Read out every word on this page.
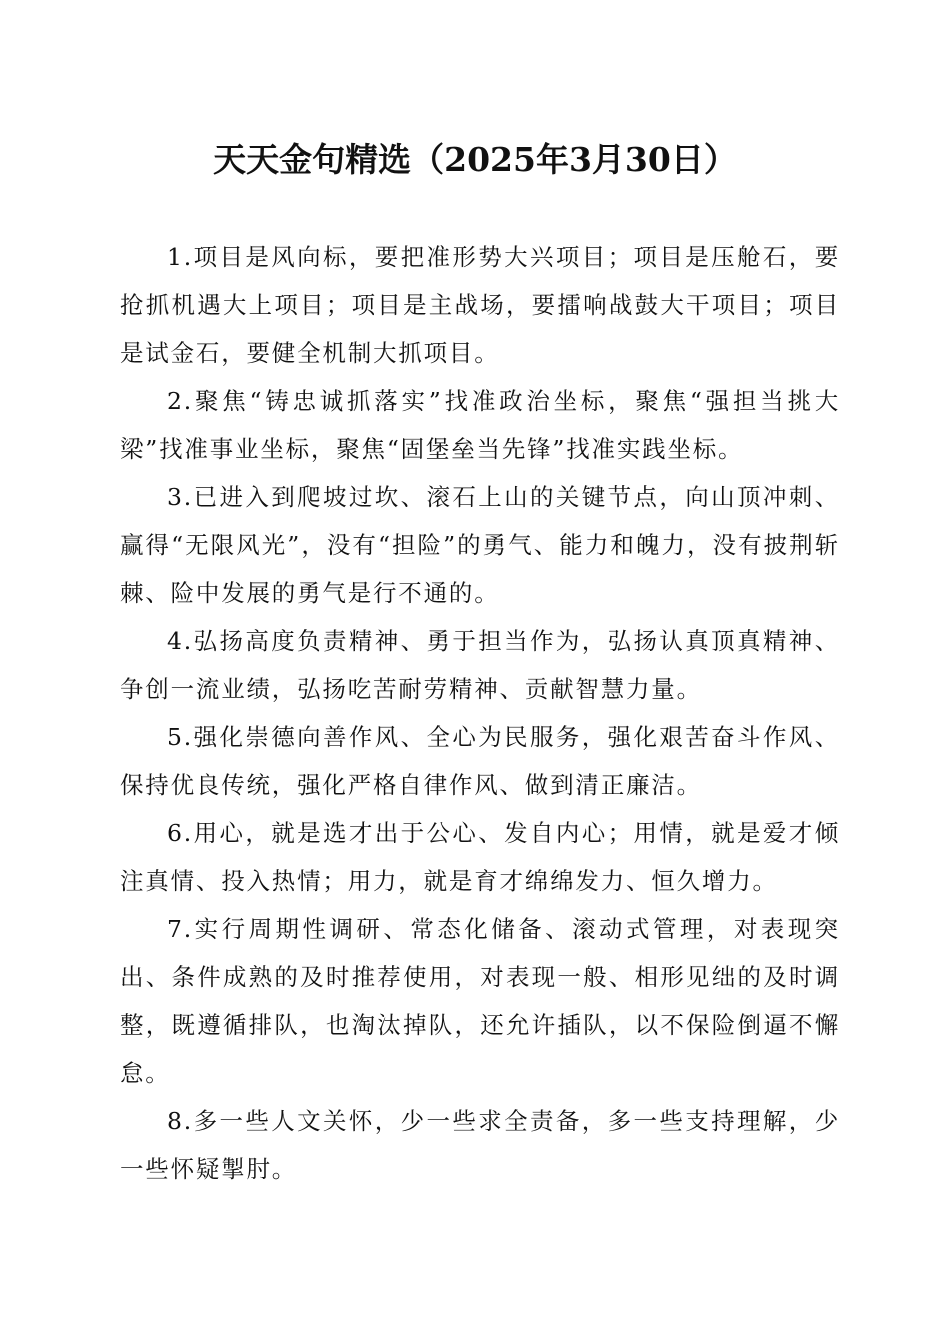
天天金句精选（2025年3月30日）

1.项目是风向标，要把准形势大兴项目；项目是压舱石，要抢抓机遇大上项目；项目是主战场，要擂响战鼓大干项目；项目是试金石，要健全机制大抓项目。

2.聚焦“铸忠诚抓落实”找准政治坐标，聚焦“强担当挑大梁”找准事业坐标，聚焦“固堡垒当先锋”找准实践坐标。

3.已进入到爬坡过坎、滚石上山的关键节点，向山顶冲刺、赢得“无限风光”，没有“担险”的勇气、能力和魄力，没有披荆斩棘、险中发展的勇气是行不通的。

4.弘扬高度负责精神、勇于担当作为，弘扬认真顶真精神、争创一流业绩，弘扬吃苦耐劳精神、贡献智慧力量。

5.强化崇德向善作风、全心为民服务，强化艰苦奋斗作风、保持优良传统，强化严格自律作风、做到清正廉洁。

6.用心，就是选才出于公心、发自内心；用情，就是爱才倾注真情、投入热情；用力，就是育才绵绵发力、恒久增力。

7.实行周期性调研、常态化储备、滚动式管理，对表现突出、条件成熟的及时推荐使用，对表现一般、相形见绌的及时调整，既遵循排队，也淘汰掉队，还允许插队，以不保险倒逼不懈怠。

8.多一些人文关怀，少一些求全责备，多一些支持理解，少一些怀疑掣肘。
